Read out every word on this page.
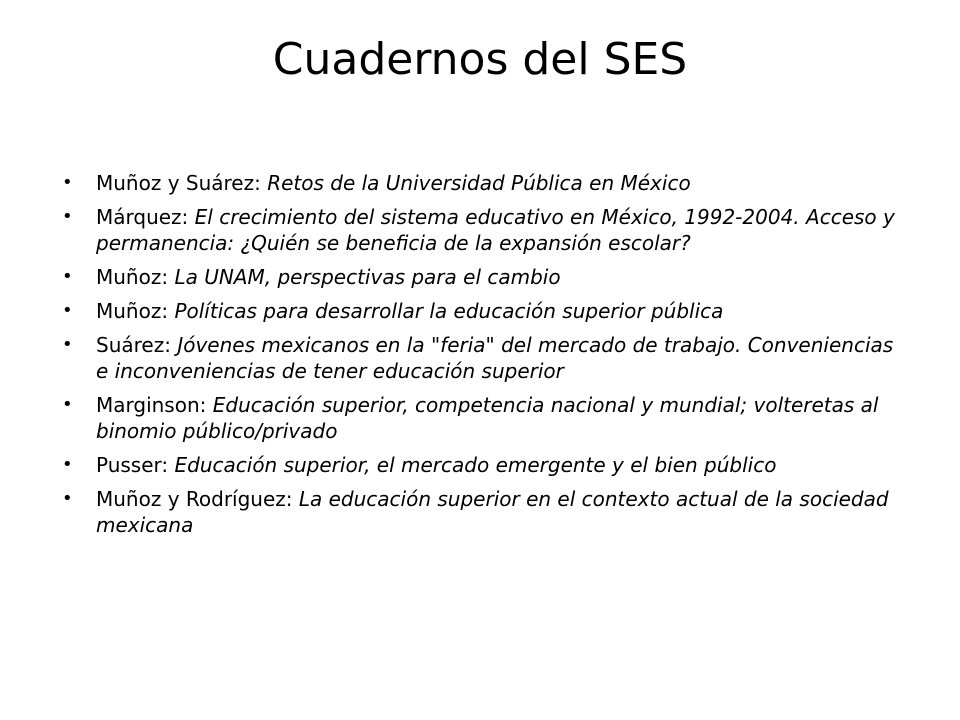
Cuadernos del SES
• Muñoz y Suárez: Retos de la Universidad Pública en México
• Márquez: El crecimiento del sistema educativo en México, 1992-2004. Acceso y permanencia: ¿Quién se beneficia de la expansión escolar?
• Muñoz: La UNAM, perspectivas para el cambio
• Muñoz: Políticas para desarrollar la educación superior pública
• Suárez: Jóvenes mexicanos en la "feria" del mercado de trabajo. Conveniencias e inconveniencias de tener educación superior
• Marginson: Educación superior, competencia nacional y mundial; volteretas al binomio público/privado
• Pusser: Educación superior, el mercado emergente y el bien público
• Muñoz y Rodríguez: La educación superior en el contexto actual de la sociedad mexicana
